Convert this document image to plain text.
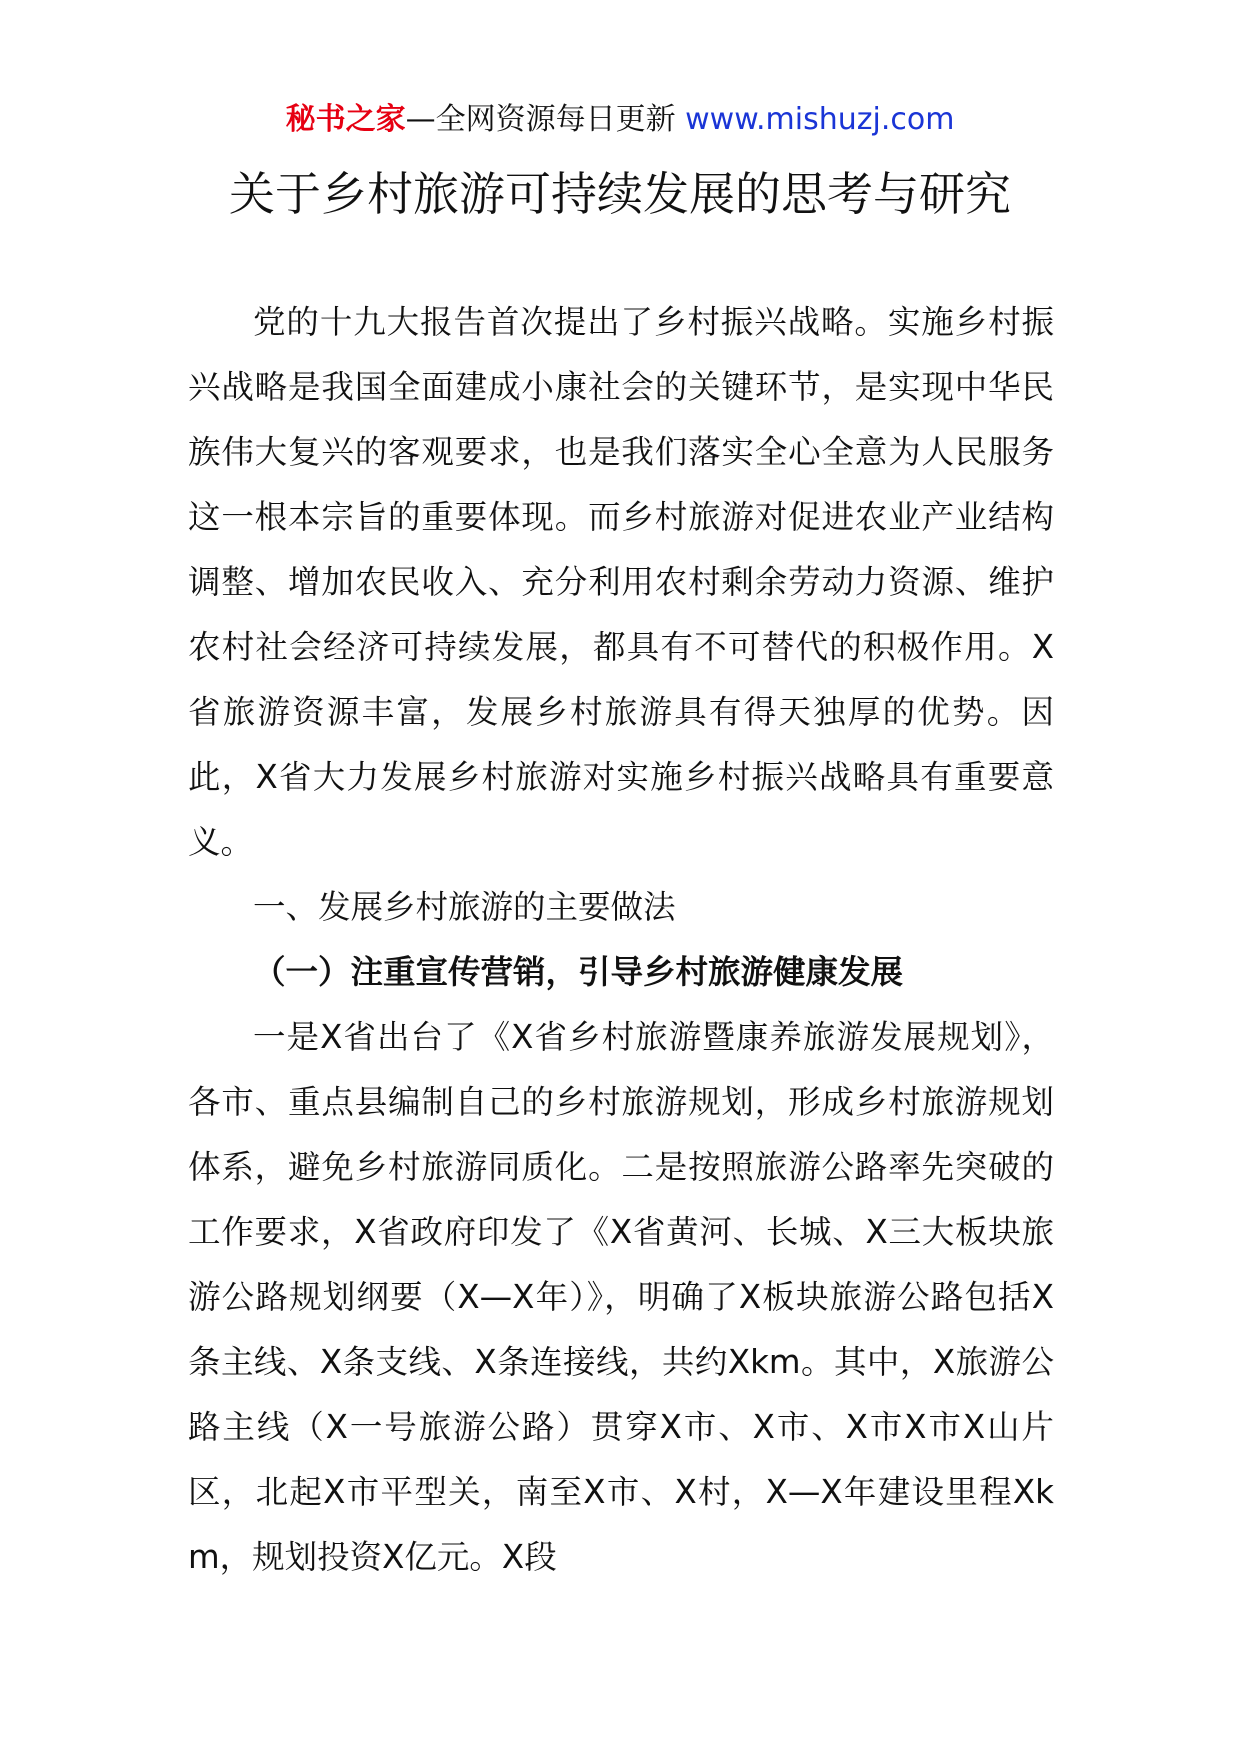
秘书之家—全网资源每日更新 www.mishuzj.com
关于乡村旅游可持续发展的思考与研究

党的十九大报告首次提出了乡村振兴战略。实施乡村振兴战略是我国全面建成小康社会的关键环节，是实现中华民族伟大复兴的客观要求，也是我们落实全心全意为人民服务这一根本宗旨的重要体现。而乡村旅游对促进农业产业结构调整、增加农民收入、充分利用农村剩余劳动力资源、维护农村社会经济可持续发展，都具有不可替代的积极作用。X省旅游资源丰富，发展乡村旅游具有得天独厚的优势。因此，X省大力发展乡村旅游对实施乡村振兴战略具有重要意义。

一、发展乡村旅游的主要做法

（一）注重宣传营销，引导乡村旅游健康发展

一是X省出台了《X省乡村旅游暨康养旅游发展规划》，各市、重点县编制自己的乡村旅游规划，形成乡村旅游规划体系，避免乡村旅游同质化。二是按照旅游公路率先突破的工作要求，X省政府印发了《X省黄河、长城、X三大板块旅游公路规划纲要（X—X年）》，明确了X板块旅游公路包括X条主线、X条支线、X条连接线，共约Xkm。其中，X旅游公路主线（X一号旅游公路）贯穿X市、X市、X市X市X山片区，北起X市平型关，南至X市、X村，X—X年建设里程Xkm，规划投资X亿元。X段
